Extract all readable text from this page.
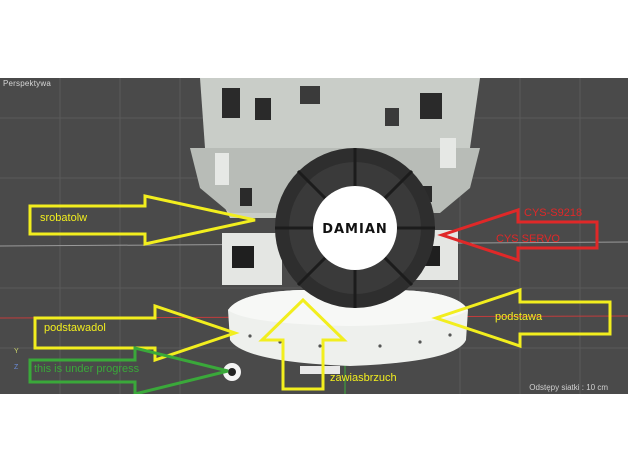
DAMIAN
Perspektywa
Odstępy siatki : 10 cm
Y
Z
srobatolw	CYS-S9218
CYS SERVO
podstawadol
podstawa
this is under progress
zawiasbrzuch
